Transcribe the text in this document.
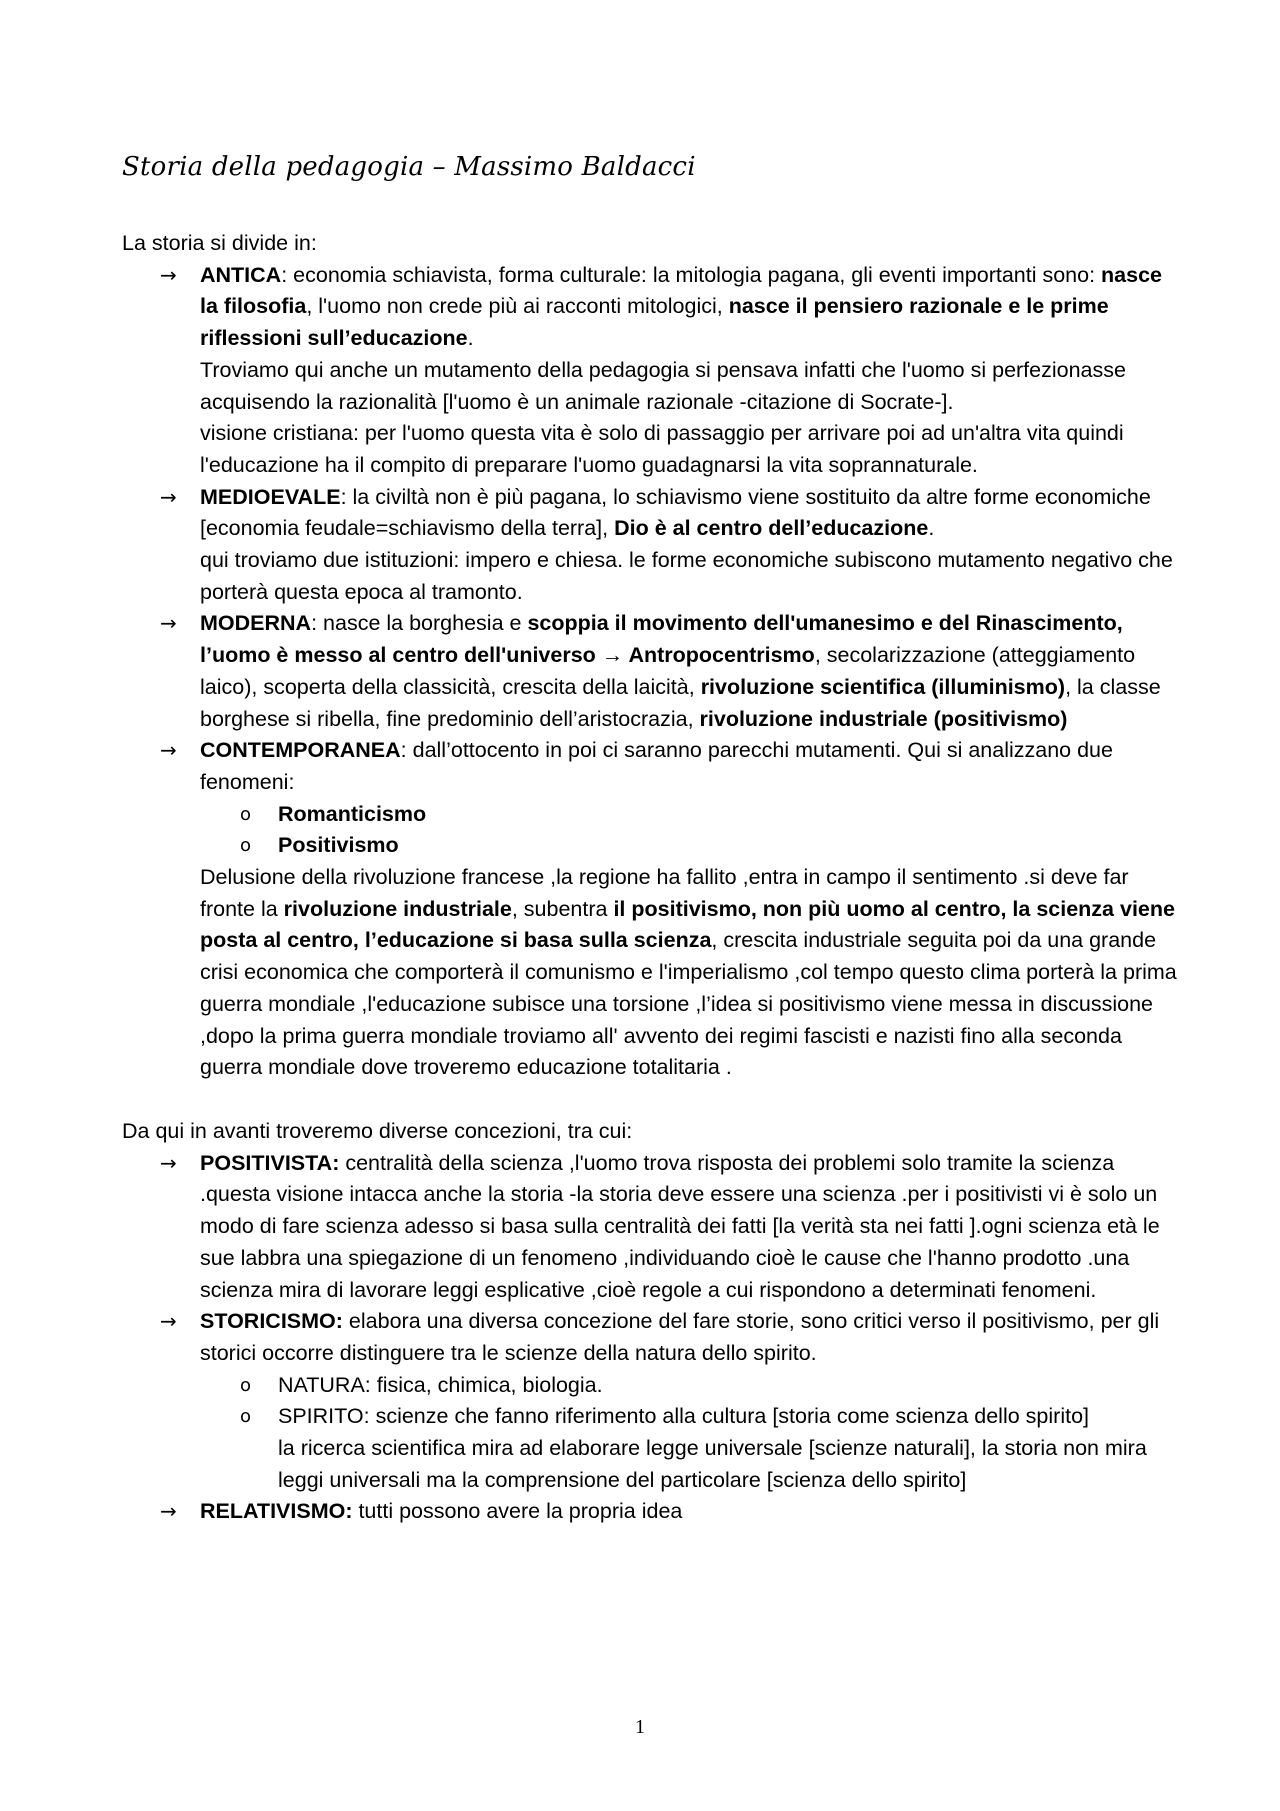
Storia della pedagogia – Massimo Baldacci

La storia si divide in:

→	ANTICA: economia schiavista, forma culturale: la mitologia pagana, gli eventi importanti sono: nasce la filosofia, l'uomo non crede più ai racconti mitologici, nasce il pensiero razionale e le prime riflessioni sull’educazione.

Troviamo qui anche un mutamento della pedagogia si pensava infatti che l'uomo si perfezionasse acquisendo la razionalità [l'uomo è un animale razionale -citazione di Socrate-].

visione cristiana: per l'uomo questa vita è solo di passaggio per arrivare poi ad un'altra vita quindi l'educazione ha il compito di preparare l'uomo guadagnarsi la vita soprannaturale.

→	MEDIOEVALE: la civiltà non è più pagana, lo schiavismo viene sostituito da altre forme economiche [economia feudale=schiavismo della terra], Dio è al centro dell’educazione.

qui troviamo due istituzioni: impero e chiesa. le forme economiche subiscono mutamento negativo che porterà questa epoca al tramonto.

→	MODERNA: nasce la borghesia e scoppia il movimento dell'umanesimo e del Rinascimento, l’uomo è messo al centro dell'universo → Antropocentrismo, secolarizzazione (atteggiamento laico), scoperta della classicità, crescita della laicità, rivoluzione scientifica (illuminismo), la classe borghese si ribella, fine predominio dell’aristocrazia, rivoluzione industriale (positivismo)

→	CONTEMPORANEA: dall’ottocento in poi ci saranno parecchi mutamenti. Qui si analizzano due fenomeni:

o Romanticismo
o Positivismo

Delusione della rivoluzione francese ,la regione ha fallito ,entra in campo il sentimento .si deve far fronte la rivoluzione industriale, subentra il positivismo, non più uomo al centro, la scienza viene posta al centro, l’educazione si basa sulla scienza, crescita industriale seguita poi da una grande crisi economica che comporterà il comunismo e l'imperialismo ,col tempo questo clima porterà la prima guerra mondiale ,l'educazione subisce una torsione ,l’idea si positivismo viene messa in discussione ,dopo la prima guerra mondiale troviamo all' avvento dei regimi fascisti e nazisti fino alla seconda guerra mondiale dove troveremo educazione totalitaria .

Da qui in avanti troveremo diverse concezioni, tra cui:

→	POSITIVISTA: centralità della scienza ,l'uomo trova risposta dei problemi solo tramite la scienza .questa visione intacca anche la storia -la storia deve essere una scienza .per i positivisti vi è solo un modo di fare scienza adesso si basa sulla centralità dei fatti [la verità sta nei fatti ].ogni scienza età le sue labbra una spiegazione di un fenomeno ,individuando cioè le cause che l'hanno prodotto .una scienza mira di lavorare leggi esplicative ,cioè regole a cui rispondono a determinati fenomeni.

→	STORICISMO: elabora una diversa concezione del fare storie, sono critici verso il positivismo, per gli storici occorre distinguere tra le scienze della natura dello spirito.

o NATURA: fisica, chimica, biologia.
o SPIRITO: scienze che fanno riferimento alla cultura [storia come scienza dello spirito]

la ricerca scientifica mira ad elaborare legge universale [scienze naturali], la storia non mira leggi universali ma la comprensione del particolare [scienza dello spirito]

→	RELATIVISMO: tutti possono avere la propria idea

1
